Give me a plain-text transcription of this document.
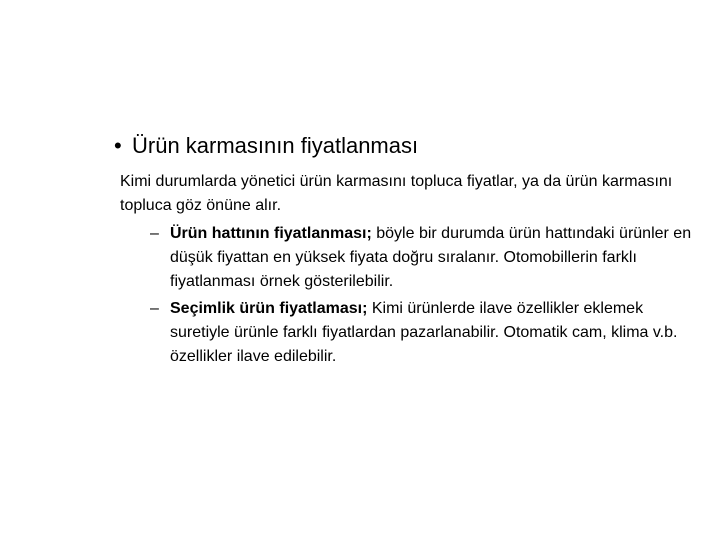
• Ürün karmasının fiyatlanması
Kimi durumlarda yönetici ürün karmasını topluca fiyatlar, ya da ürün karmasını topluca göz önüne alır.
– Ürün hattının fiyatlanması; böyle bir durumda ürün hattındaki ürünler en düşük fiyattan en yüksek fiyata doğru sıralanır. Otomobillerin farklı fiyatlanması örnek gösterilebilir.
– Seçimlik ürün fiyatlaması; Kimi ürünlerde ilave özellikler eklemek suretiyle ürünle farklı fiyatlardan pazarlanabilir. Otomatik cam, klima v.b. özellikler ilave edilebilir.
